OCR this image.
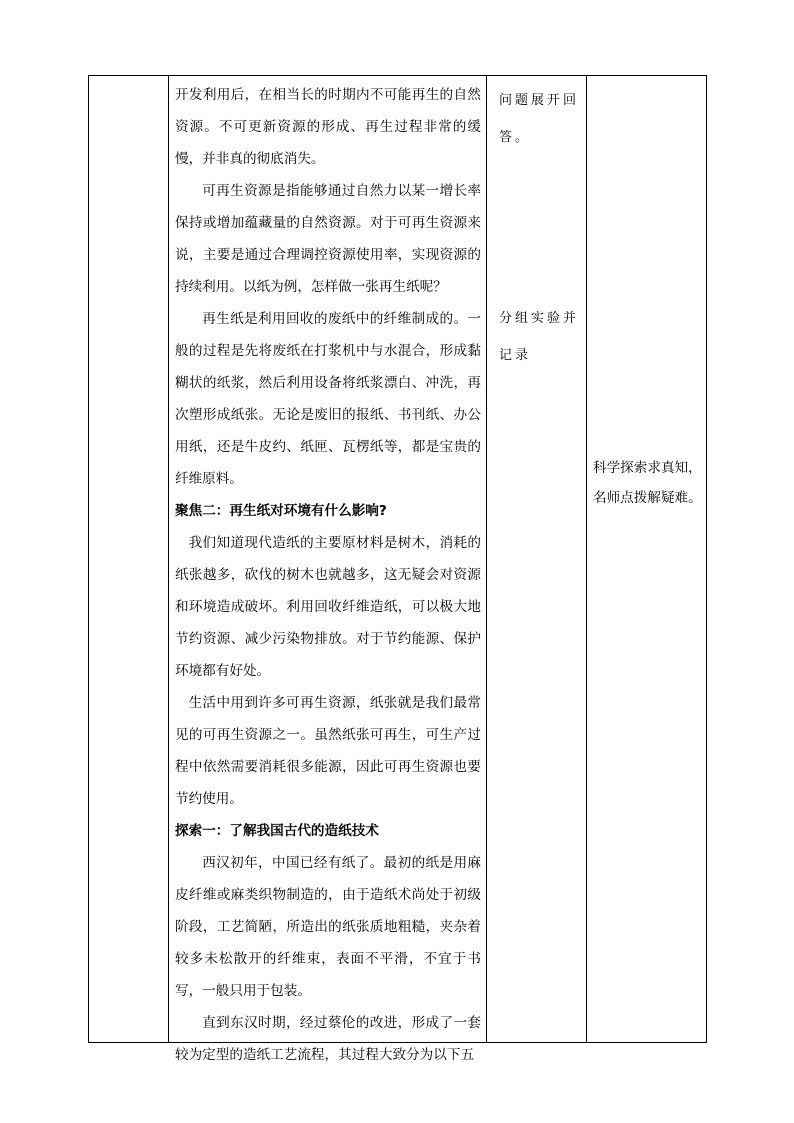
开发利用后，在相当长的时期内不可能再生的自然资源。不可更新资源的形成、再生过程非常的缓慢，并非真的彻底消失。

可再生资源是指能够通过自然力以某一增长率保持或增加蕴藏量的自然资源。对于可再生资源来说，主要是通过合理调控资源使用率，实现资源的持续利用。以纸为例，怎样做一张再生纸呢？

再生纸是利用回收的废纸中的纤维制成的。一般的过程是先将废纸在打浆机中与水混合，形成黏糊状的纸浆，然后利用设备将纸浆漂白、冲洗，再次塑形成纸张。无论是废旧的报纸、书刊纸、办公用纸，还是牛皮约、纸匣、瓦楞纸等，都是宝贵的纤维原料。

聚焦二：再生纸对环境有什么影响?

我们知道现代造纸的主要原材料是树木，消耗的纸张越多，砍伐的树木也就越多，这无疑会对资源和环境造成破坏。利用回收纤维造纸，可以极大地节约资源、减少污染物排放。对于节约能源、保护环境都有好处。

生活中用到许多可再生资源，纸张就是我们最常见的可再生资源之一。虽然纸张可再生，可生产过程中依然需要消耗很多能源，因此可再生资源也要节约使用。

探索一：了解我国古代的造纸技术

西汉初年，中国已经有纸了。最初的纸是用麻皮纤维或麻类织物制造的，由于造纸术尚处于初级阶段，工艺简陋，所造出的纸张质地粗糙，夹杂着较多未松散开的纤维束，表面不平滑，不宜于书写，一般只用于包装。

直到东汉时期，经过蔡伦的改进，形成了一套较为定型的造纸工艺流程，其过程大致分为以下五

问题展开回答。

分组实验并记录

科学探索求真知，

名师点拨解疑难。
